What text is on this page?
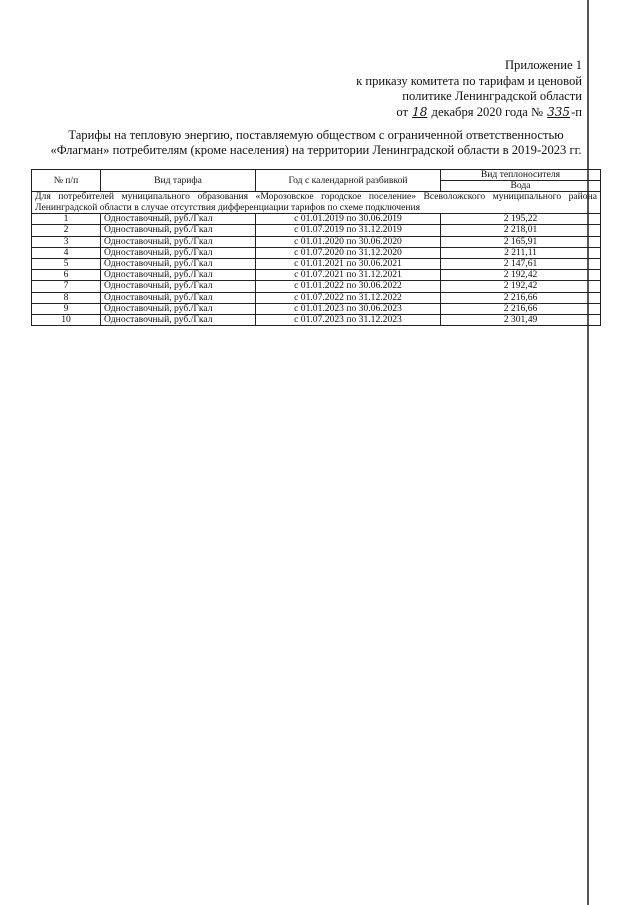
Приложение 1
к приказу комитета по тарифам и ценовой
политике Ленинградской области
от 18 декабря 2020 года № 335-п
Тарифы на тепловую энергию, поставляемую обществом с ограниченной ответственностью
«Флагман» потребителям (кроме населения) на территории Ленинградской области в 2019-2023 гг.
№ п/п	Вид тарифа	Год с календарной разбивкой	Вид теплоносителя
			Вода
Для потребителей муниципального образования «Морозовское городское поселение» Всеволожского муниципального района Ленинградской области в случае отсутствия дифференциации тарифов по схеме подключения			
1	Одноставочный, руб./Гкал	с 01.01.2019 по 30.06.2019	2 195,22
2	Одноставочный, руб./Гкал	с 01.07.2019 по 31.12.2019	2 218,01
3	Одноставочный, руб./Гкал	с 01.01.2020 по 30.06.2020	2 165,91
4	Одноставочный, руб./Гкал	с 01.07.2020 по 31.12.2020	2 211,11
5	Одноставочный, руб./Гкал	с 01.01.2021 по 30.06.2021	2 147,61
6	Одноставочный, руб./Гкал	с 01.07.2021 по 31.12.2021	2 192,42
7	Одноставочный, руб./Гкал	с 01.01.2022 по 30.06.2022	2 192,42
8	Одноставочный, руб./Гкал	с 01.07.2022 по 31.12.2022	2 216,66
9	Одноставочный, руб./Гкал	с 01.01.2023 по 30.06.2023	2 216,66
10	Одноставочный, руб./Гкал	с 01.07.2023 по 31.12.2023	2 301,49
